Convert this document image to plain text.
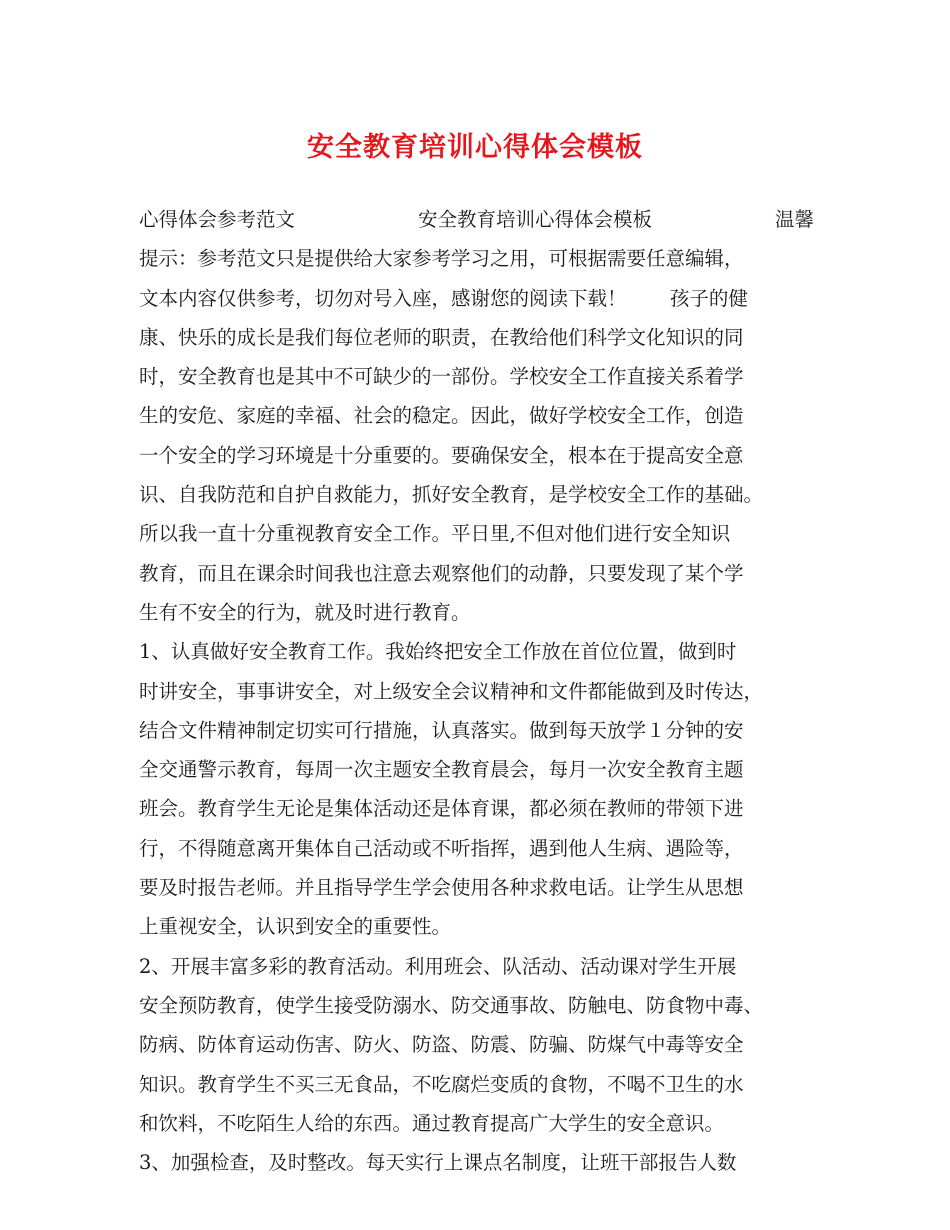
安全教育培训心得体会模板
心得体会参考范文	安全教育培训心得体会模板	温馨
提示：参考范文只是提供给大家参考学习之用，可根据需要任意编辑，
文本内容仅供参考，切勿对号入座，感谢您的阅读下载！       孩子的健
康、快乐的成长是我们每位老师的职责，在教给他们科学文化知识的同
时，安全教育也是其中不可缺少的一部份。学校安全工作直接关系着学
生的安危、家庭的幸福、社会的稳定。因此，做好学校安全工作，创造
一个安全的学习环境是十分重要的。要确保安全，根本在于提高安全意
识、自我防范和自护自救能力，抓好安全教育，是学校安全工作的基础。
所以我一直十分重视教育安全工作。平日里,不但对他们进行安全知识
教育，而且在课余时间我也注意去观察他们的动静，只要发现了某个学
生有不安全的行为，就及时进行教育。
1、认真做好安全教育工作。我始终把安全工作放在首位位置，做到时
时讲安全，事事讲安全，对上级安全会议精神和文件都能做到及时传达，
结合文件精神制定切实可行措施，认真落实。做到每天放学１分钟的安
全交通警示教育，每周一次主题安全教育晨会，每月一次安全教育主题
班会。教育学生无论是集体活动还是体育课，都必须在教师的带领下进
行，不得随意离开集体自己活动或不听指挥，遇到他人生病、遇险等，
要及时报告老师。并且指导学生学会使用各种求救电话。让学生从思想
上重视安全，认识到安全的重要性。
2、开展丰富多彩的教育活动。利用班会、队活动、活动课对学生开展
安全预防教育，使学生接受防溺水、防交通事故、防触电、防食物中毒、
防病、防体育运动伤害、防火、防盗、防震、防骗、防煤气中毒等安全
知识。教育学生不买三无食品，不吃腐烂变质的食物，不喝不卫生的水
和饮料，不吃陌生人给的东西。通过教育提高广大学生的安全意识。
3、加强检查，及时整改。每天实行上课点名制度，让班干部报告人数
